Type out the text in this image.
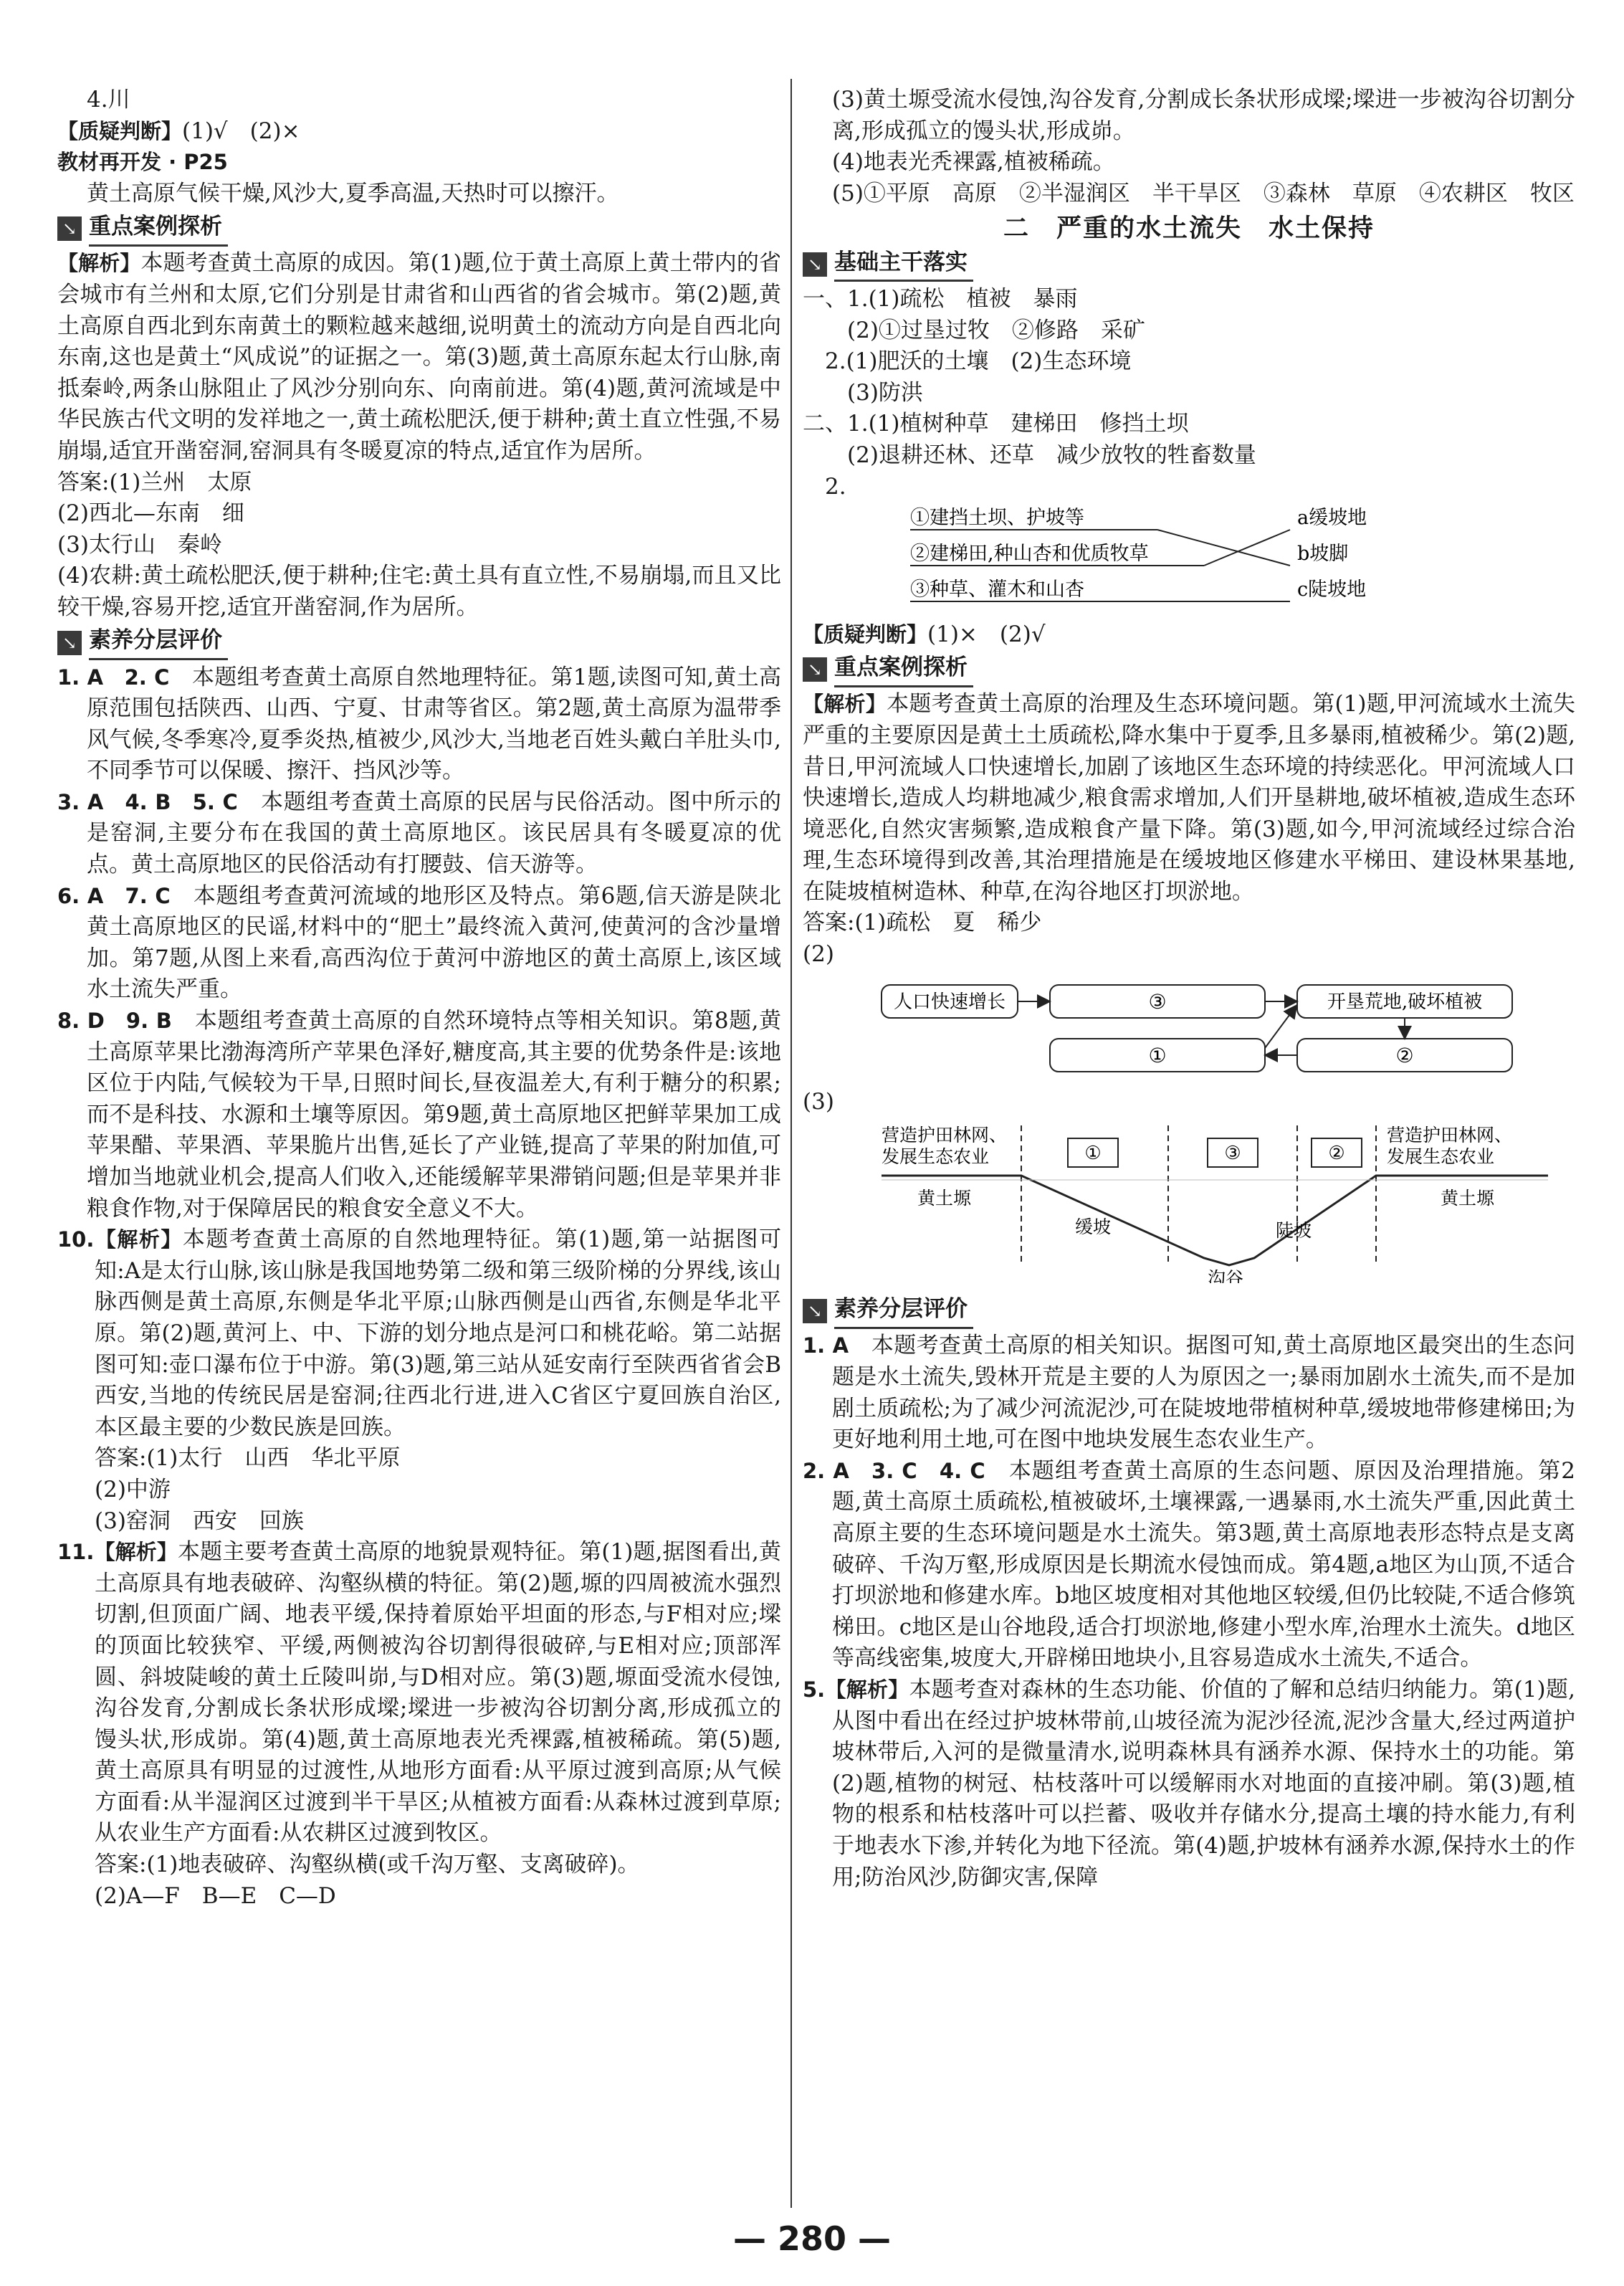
4.川

【质疑判断】(1)√　(2)×

教材再开发 · P25

黄土高原气候干燥,风沙大,夏季高温,天热时可以擦汗。

↘ 重点案例探析

【解析】本题考查黄土高原的成因。第(1)题,位于黄土高原上黄土带内的省会城市有兰州和太原,它们分别是甘肃省和山西省的省会城市。第(2)题,黄土高原自西北到东南黄土的颗粒越来越细,说明黄土的流动方向是自西北向东南,这也是黄土“风成说”的证据之一。第(3)题,黄土高原东起太行山脉,南抵秦岭,两条山脉阻止了风沙分别向东、向南前进。第(4)题,黄河流域是中华民族古代文明的发祥地之一,黄土疏松肥沃,便于耕种;黄土直立性强,不易崩塌,适宜开凿窑洞,窑洞具有冬暖夏凉的特点,适宜作为居所。

答案:(1)兰州　太原

(2)西北—东南　细

(3)太行山　秦岭

(4)农耕:黄土疏松肥沃,便于耕种;住宅:黄土具有直立性,不易崩塌,而且又比较干燥,容易开挖,适宜开凿窑洞,作为居所。

↘ 素养分层评价

1. A　2. C　本题组考查黄土高原自然地理特征。第1题,读图可知,黄土高原范围包括陕西、山西、宁夏、甘肃等省区。第2题,黄土高原为温带季风气候,冬季寒冷,夏季炎热,植被少,风沙大,当地老百姓头戴白羊肚头巾,不同季节可以保暖、擦汗、挡风沙等。

3. A　4. B　5. C　本题组考查黄土高原的民居与民俗活动。图中所示的是窑洞,主要分布在我国的黄土高原地区。该民居具有冬暖夏凉的优点。黄土高原地区的民俗活动有打腰鼓、信天游等。

6. A　7. C　本题组考查黄河流域的地形区及特点。第6题,信天游是陕北黄土高原地区的民谣,材料中的“肥土”最终流入黄河,使黄河的含沙量增加。第7题,从图上来看,高西沟位于黄河中游地区的黄土高原上,该区域水土流失严重。

8. D　9. B　本题组考查黄土高原的自然环境特点等相关知识。第8题,黄土高原苹果比渤海湾所产苹果色泽好,糖度高,其主要的优势条件是:该地区位于内陆,气候较为干旱,日照时间长,昼夜温差大,有利于糖分的积累;而不是科技、水源和土壤等原因。第9题,黄土高原地区把鲜苹果加工成苹果醋、苹果酒、苹果脆片出售,延长了产业链,提高了苹果的附加值,可增加当地就业机会,提高人们收入,还能缓解苹果滞销问题;但是苹果并非粮食作物,对于保障居民的粮食安全意义不大。

10.【解析】本题考查黄土高原的自然地理特征。第(1)题,第一站据图可知:A是太行山脉,该山脉是我国地势第二级和第三级阶梯的分界线,该山脉西侧是黄土高原,东侧是华北平原;山脉西侧是山西省,东侧是华北平原。第(2)题,黄河上、中、下游的划分地点是河口和桃花峪。第二站据图可知:壶口瀑布位于中游。第(3)题,第三站从延安南行至陕西省省会B西安,当地的传统民居是窑洞;往西北行进,进入C省区宁夏回族自治区,本区最主要的少数民族是回族。

答案:(1)太行　山西　华北平原

(2)中游

(3)窑洞　西安　回族

11.【解析】本题主要考查黄土高原的地貌景观特征。第(1)题,据图看出,黄土高原具有地表破碎、沟壑纵横的特征。第(2)题,塬的四周被流水强烈切割,但顶面广阔、地表平缓,保持着原始平坦面的形态,与F相对应;墚的顶面比较狭窄、平缓,两侧被沟谷切割得很破碎,与E相对应;顶部浑圆、斜坡陡峻的黄土丘陵叫峁,与D相对应。第(3)题,塬面受流水侵蚀,沟谷发育,分割成长条状形成墚;墚进一步被沟谷切割分离,形成孤立的馒头状,形成峁。第(4)题,黄土高原地表光秃裸露,植被稀疏。第(5)题,黄土高原具有明显的过渡性,从地形方面看:从平原过渡到高原;从气候方面看:从半湿润区过渡到半干旱区;从植被方面看:从森林过渡到草原;从农业生产方面看:从农耕区过渡到牧区。

答案:(1)地表破碎、沟壑纵横(或千沟万壑、支离破碎)。

(2)A—F　B—E　C—D

(3)黄土塬受流水侵蚀,沟谷发育,分割成长条状形成墚;墚进一步被沟谷切割分离,形成孤立的馒头状,形成峁。

(4)地表光秃裸露,植被稀疏。

(5)①平原　高原　②半湿润区　半干旱区　③森林　草原　④农耕区　牧区

二　严重的水土流失　水土保持
↘ 基础主干落实

一、1.(1)疏松　植被　暴雨

(2)①过垦过牧　②修路　采矿

2.(1)肥沃的土壤　(2)生态环境

(3)防洪

二、1.(1)植树种草　建梯田　修挡土坝

(2)退耕还林、还草　减少放牧的牲畜数量

2.

①建挡土坝、护坡等
②建梯田,种山杏和优质牧草
③种草、灌木和山杏
a缓坡地
b坡脚
c陡坡地

【质疑判断】(1)×　(2)√

↘ 重点案例探析

【解析】本题考查黄土高原的治理及生态环境问题。第(1)题,甲河流域水土流失严重的主要原因是黄土土质疏松,降水集中于夏季,且多暴雨,植被稀少。第(2)题,昔日,甲河流域人口快速增长,加剧了该地区生态环境的持续恶化。甲河流域人口快速增长,造成人均耕地减少,粮食需求增加,人们开垦耕地,破坏植被,造成生态环境恶化,自然灾害频繁,造成粮食产量下降。第(3)题,如今,甲河流域经过综合治理,生态环境得到改善,其治理措施是在缓坡地区修建水平梯田、建设林果基地,在陡坡植树造林、种草,在沟谷地区打坝淤地。

答案:(1)疏松　夏　稀少

(2)

人口快速增长	③	开垦荒地,破坏植被
①	②

(3)

营造护田林网、
发展生态农业
营造护田林网、
发展生态农业
①	③	②
黄土塬	黄土塬
缓坡	陡坡
沟谷
↘ 素养分层评价

1. A　本题考查黄土高原的相关知识。据图可知,黄土高原地区最突出的生态问题是水土流失,毁林开荒是主要的人为原因之一;暴雨加剧水土流失,而不是加剧土质疏松;为了减少河流泥沙,可在陡坡地带植树种草,缓坡地带修建梯田;为更好地利用土地,可在图中地块发展生态农业生产。

2. A　3. C　4. C　本题组考查黄土高原的生态问题、原因及治理措施。第2题,黄土高原土质疏松,植被破坏,土壤裸露,一遇暴雨,水土流失严重,因此黄土高原主要的生态环境问题是水土流失。第3题,黄土高原地表形态特点是支离破碎、千沟万壑,形成原因是长期流水侵蚀而成。第4题,a地区为山顶,不适合打坝淤地和修建水库。b地区坡度相对其他地区较缓,但仍比较陡,不适合修筑梯田。c地区是山谷地段,适合打坝淤地,修建小型水库,治理水土流失。d地区等高线密集,坡度大,开辟梯田地块小,且容易造成水土流失,不适合。

5.【解析】本题考查对森林的生态功能、价值的了解和总结归纳能力。第(1)题,从图中看出在经过护坡林带前,山坡径流为泥沙径流,泥沙含量大,经过两道护坡林带后,入河的是微量清水,说明森林具有涵养水源、保持水土的功能。第(2)题,植物的树冠、枯枝落叶可以缓解雨水对地面的直接冲刷。第(3)题,植物的根系和枯枝落叶可以拦蓄、吸收并存储水分,提高土壤的持水能力,有利于地表水下渗,并转化为地下径流。第(4)题,护坡林有涵养水源,保持水土的作用;防治风沙,防御灾害,保障

— 280 —
